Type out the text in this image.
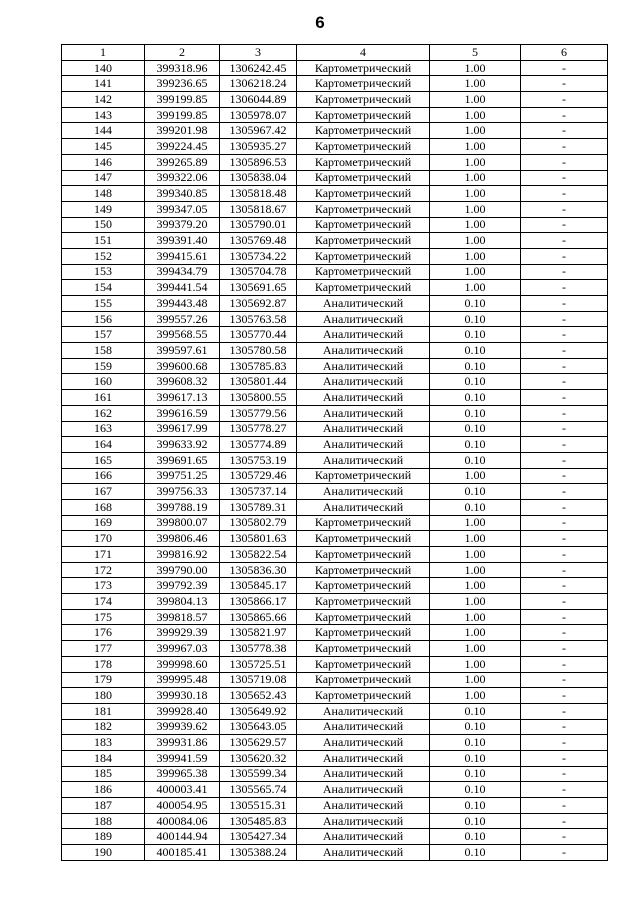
6
1	2	3	4	5	6
140	399318.96	1306242.45	Картометрический	1.00	-
141	399236.65	1306218.24	Картометрический	1.00	-
142	399199.85	1306044.89	Картометрический	1.00	-
143	399199.85	1305978.07	Картометрический	1.00	-
144	399201.98	1305967.42	Картометрический	1.00	-
145	399224.45	1305935.27	Картометрический	1.00	-
146	399265.89	1305896.53	Картометрический	1.00	-
147	399322.06	1305838.04	Картометрический	1.00	-
148	399340.85	1305818.48	Картометрический	1.00	-
149	399347.05	1305818.67	Картометрический	1.00	-
150	399379.20	1305790.01	Картометрический	1.00	-
151	399391.40	1305769.48	Картометрический	1.00	-
152	399415.61	1305734.22	Картометрический	1.00	-
153	399434.79	1305704.78	Картометрический	1.00	-
154	399441.54	1305691.65	Картометрический	1.00	-
155	399443.48	1305692.87	Аналитический	0.10	-
156	399557.26	1305763.58	Аналитический	0.10	-
157	399568.55	1305770.44	Аналитический	0.10	-
158	399597.61	1305780.58	Аналитический	0.10	-
159	399600.68	1305785.83	Аналитический	0.10	-
160	399608.32	1305801.44	Аналитический	0.10	-
161	399617.13	1305800.55	Аналитический	0.10	-
162	399616.59	1305779.56	Аналитический	0.10	-
163	399617.99	1305778.27	Аналитический	0.10	-
164	399633.92	1305774.89	Аналитический	0.10	-
165	399691.65	1305753.19	Аналитический	0.10	-
166	399751.25	1305729.46	Картометрический	1.00	-
167	399756.33	1305737.14	Аналитический	0.10	-
168	399788.19	1305789.31	Аналитический	0.10	-
169	399800.07	1305802.79	Картометрический	1.00	-
170	399806.46	1305801.63	Картометрический	1.00	-
171	399816.92	1305822.54	Картометрический	1.00	-
172	399790.00	1305836.30	Картометрический	1.00	-
173	399792.39	1305845.17	Картометрический	1.00	-
174	399804.13	1305866.17	Картометрический	1.00	-
175	399818.57	1305865.66	Картометрический	1.00	-
176	399929.39	1305821.97	Картометрический	1.00	-
177	399967.03	1305778.38	Картометрический	1.00	-
178	399998.60	1305725.51	Картометрический	1.00	-
179	399995.48	1305719.08	Картометрический	1.00	-
180	399930.18	1305652.43	Картометрический	1.00	-
181	399928.40	1305649.92	Аналитический	0.10	-
182	399939.62	1305643.05	Аналитический	0.10	-
183	399931.86	1305629.57	Аналитический	0.10	-
184	399941.59	1305620.32	Аналитический	0.10	-
185	399965.38	1305599.34	Аналитический	0.10	-
186	400003.41	1305565.74	Аналитический	0.10	-
187	400054.95	1305515.31	Аналитический	0.10	-
188	400084.06	1305485.83	Аналитический	0.10	-
189	400144.94	1305427.34	Аналитический	0.10	-
190	400185.41	1305388.24	Аналитический	0.10	-
